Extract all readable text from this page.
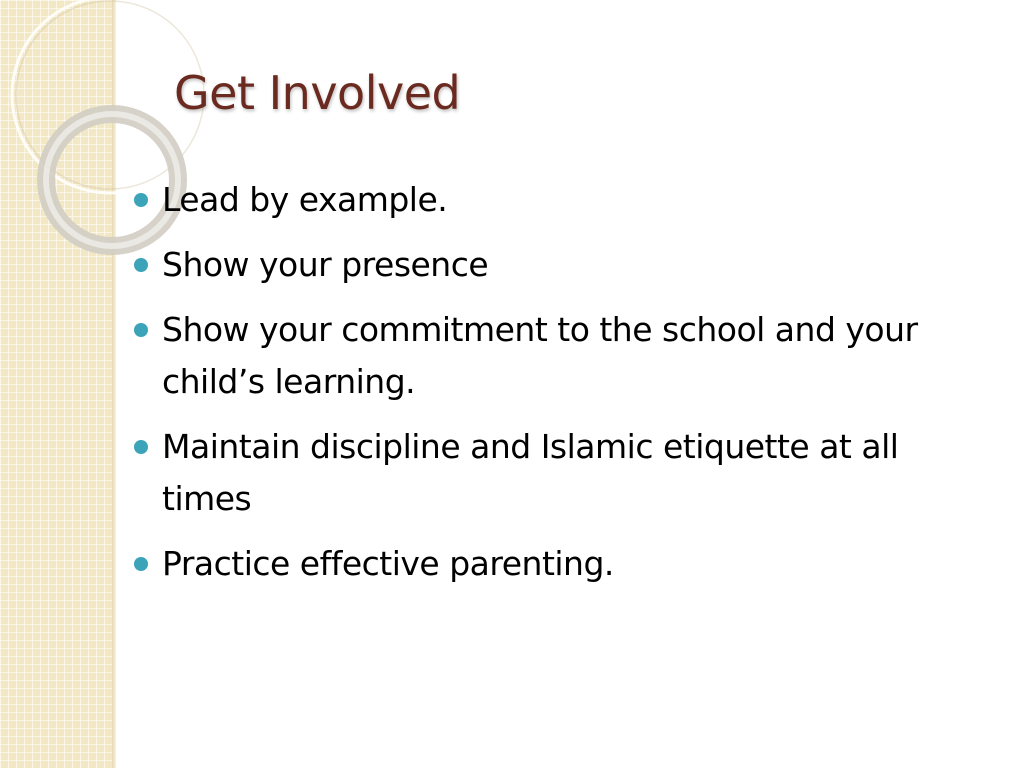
Get Involved
Lead by example.
Show your presence
Show your commitment to the school and your child’s learning.
Maintain discipline and Islamic etiquette at all times
Practice effective parenting.
